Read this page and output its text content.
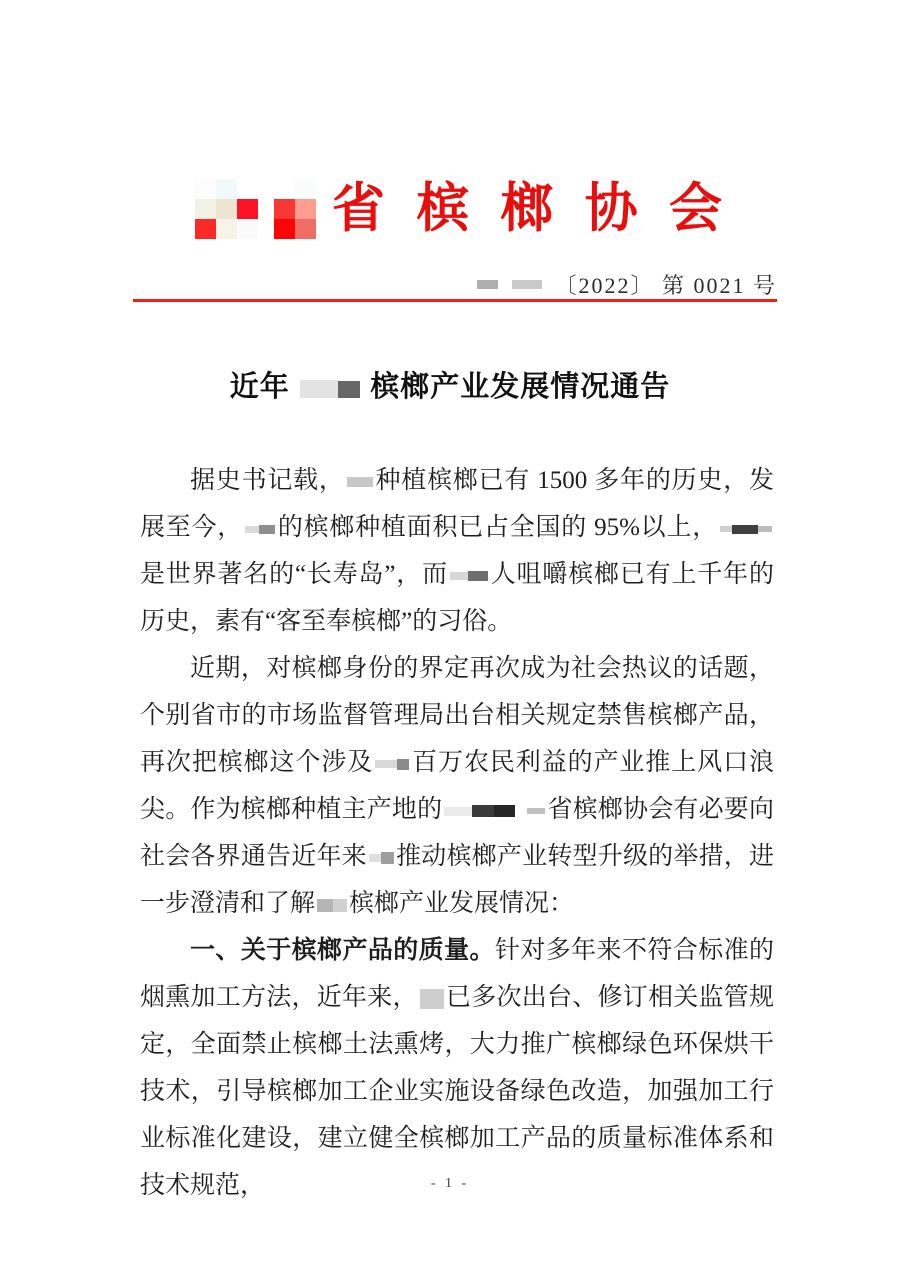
省 槟 榔 协 会
〔2022〕 第 0021 号
近年	槟榔产业发展情况通告

据史书记载， 种植槟榔已有 1500 多年的历史，发展至今， 的槟榔种植面积已占全国的 95%以上，
是世界著名的“长寿岛”，而 人咀嚼槟榔已有上千年的历史，素有“客至奉槟榔”的习俗。

近期，对槟榔身份的界定再次成为社会热议的话题，个别省市的市场监督管理局出台相关规定禁售槟榔产品，再次把槟榔这个涉及 百万农民利益的产业推上风口浪尖。作为槟榔种植主产地的	省槟榔协会有必要向社会各界通告近年来 推动槟榔产业转型升级的举措，进一步澄清和了解 槟榔产业发展情况：

一、关于槟榔产品的质量。针对多年来不符合标准的烟熏加工方法，近年来， 已多次出台、修订相关监管规定，全面禁止槟榔土法熏烤，大力推广槟榔绿色环保烘干技术，引导槟榔加工企业实施设备绿色改造，加强加工行业标准化建设，建立健全槟榔加工产品的质量标准体系和技术规范，	- 1 -
